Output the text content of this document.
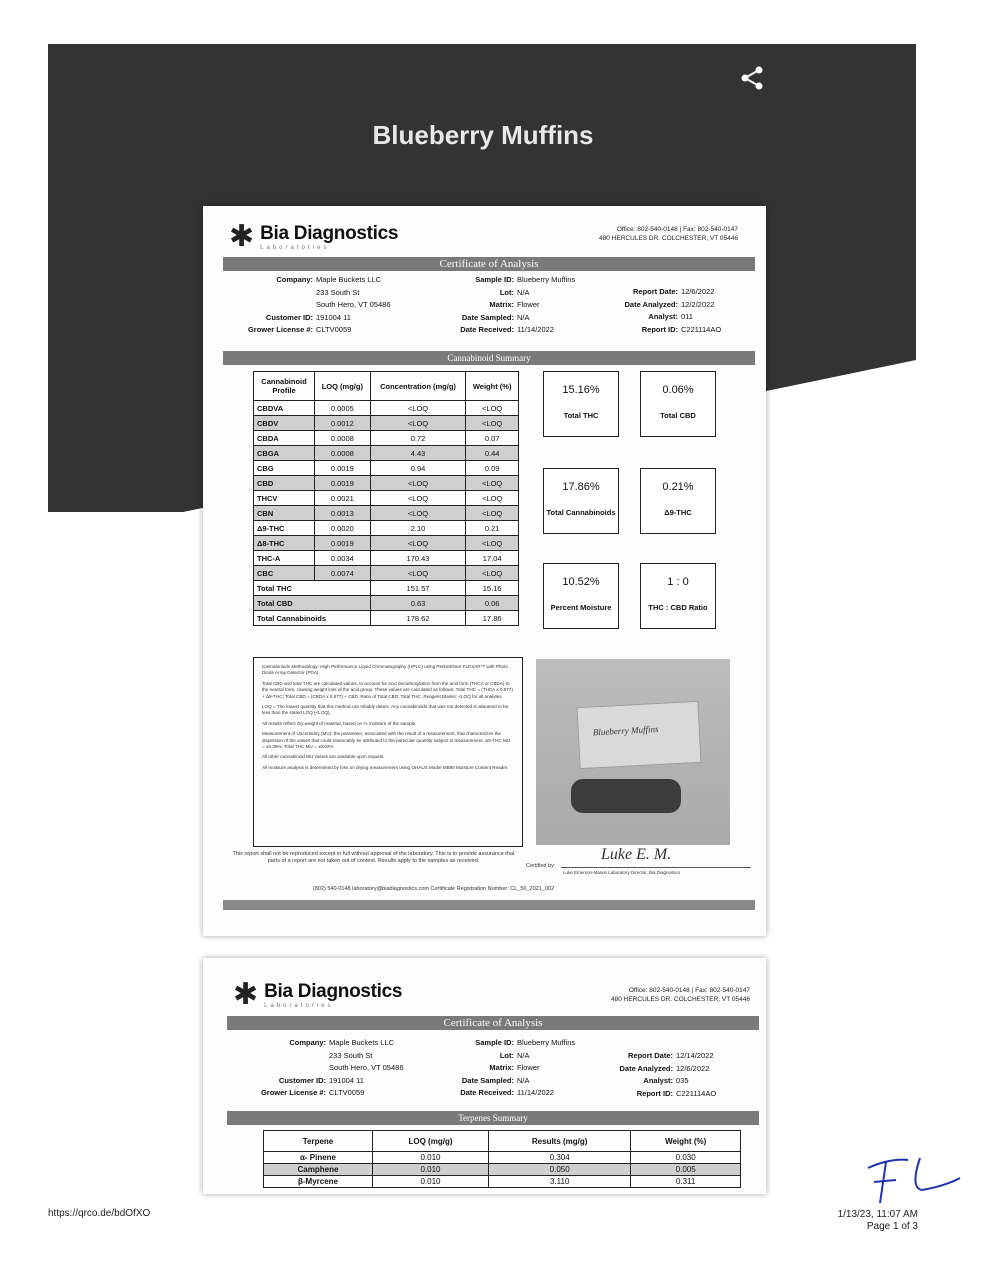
Blueberry Muffins
✱ Bia Diagnostics
Laboratories
Office: 802-540-0148 | Fax: 802-540-0147
480 HERCULES DR. COLCHESTER, VT 05446
Certificate of Analysis
Company: Maple Buckets LLC
233 South St
South Hero, VT 05486
Customer ID: 191004 11
Grower License #: CLTV0059
Sample ID: Blueberry Muffins
Lot: N/A
Matrix: Flower
Date Sampled: N/A
Date Received: 11/14/2022
Report Date: 12/6/2022
Date Analyzed: 12/2/2022
Analyst: 011
Report ID: C221114AO
Cannabinoid Summary
Cannabinoid Profile	LOQ (mg/g)	Concentration (mg/g)	Weight (%)
CBDVA	0.0005	<LOQ	<LOQ
CBDV	0.0012	<LOQ	<LOQ
CBDA	0.0008	0.72	0.07
CBGA	0.0008	4.43	0.44
CBG	0.0019	0.94	0.09
CBD	0.0019	<LOQ	<LOQ
THCV	0.0021	<LOQ	<LOQ
CBN	0.0013	<LOQ	<LOQ
Δ9-THC	0.0020	2.10	0.21
Δ8-THC	0.0019	<LOQ	<LOQ
THC-A	0.0034	170.43	17.04
CBC	0.0074	<LOQ	<LOQ
Total THC		151.57	15.16
Total CBD		0.63	0.06
Total Cannabinoids		178.62	17.86
15.16%
Total THC
0.06%
Total CBD
17.86%
Total Cannabinoids
0.21%
Δ9-THC
10.52%
Percent Moisture
1 : 0
THC : CBD Ratio

Cannabinoids Methodology: High Performance Liquid Chromatography (HPLC) using PerkinElmer FLEXAR™ with Photo Diode Array Detector (PDA)

Total CBD and total THC are calculated values, to account for acid decarboxylation from the acid form (THCA or CBDA) to the neutral form, causing weight loss of the acid group. These values are calculated as follows: Total THC = (THCA x 0.877) + Δ9-THC; Total CBD = (CBDA x 0.877) + CBD. Ratio of Total CBD: Total THC. Reagent Blanks: <LOQ for all analytes

LOQ = The lowest quantity that this method can reliably detect. Any cannabinoids that was not detected is assumed to be less than the stated LOQ (<LOQ).

All results reflect dry weight of material, based on % moisture of the sample.

Measurement of Uncertainty (MU): the parameter, associated with the result of a measurement, that characterizes the dispersion of the values that could reasonably be attributed to the particular quantity subject to measurement. Δ9-THC MU = ±0.38%; Total THC MU = ±0.02%

All other cannabinoid MU values are available upon request.

All moisture analysis is determined by loss on drying measurement using OHAUS Model MB90 Moisture Content Reader.

Blueberry Muffins
This report shall not be reproduced except in full without approval of the laboratory. This is to provide assurance that parts of a report are not taken out of context. Results apply to the samples as received.
Certified by:
Luke E. M.
Luke Emerson-Mason Laboratory Director, Bia Diagnostics
(802) 540-0148 laboratory@biadiagnostics.com Certificate Registration Number: CL_50_2021_002
✱ Bia Diagnostics
Laboratories
Office: 802-540-0148 | Fax: 802-540-0147
480 HERCULES DR. COLCHESTER, VT 05446
Certificate of Analysis
Company: Maple Buckets LLC
233 South St
South Hero, VT 05486
Customer ID: 191004 11
Grower License #: CLTV0059
Sample ID: Blueberry Muffins
Lot: N/A
Matrix: Flower
Date Sampled: N/A
Date Received: 11/14/2022
Report Date: 12/14/2022
Date Analyzed: 12/6/2022
Analyst: 035
Report ID: C221114AO
Terpenes Summary
Terpene	LOQ (mg/g)	Results (mg/g)	Weight (%)
α- Pinene	0.010	0.304	0.030
Camphene	0.010	0.050	0.005
β-Myrcene	0.010	3.110	0.311
https://qrco.de/bdOfXO	1/13/23, 11:07 AM
Page 1 of 3
